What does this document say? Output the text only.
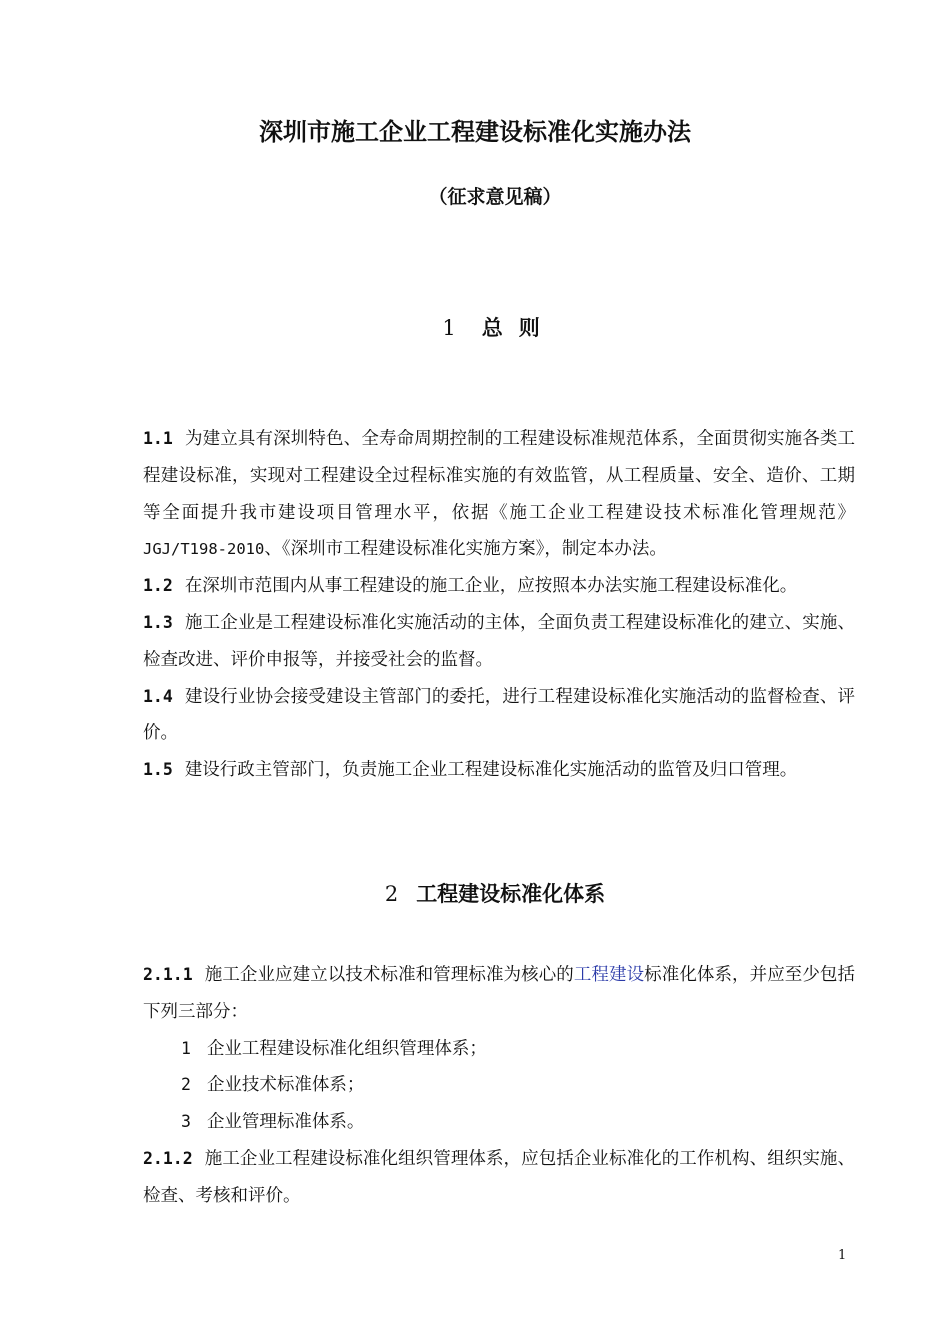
深圳市施工企业工程建设标准化实施办法
（征求意见稿）
1 总 则

1.1 为建立具有深圳特色、全寿命周期控制的工程建设标准规范体系，全面贯彻实施各类工程建设标准，实现对工程建设全过程标准实施的有效监管，从工程质量、安全、造价、工期等全面提升我市建设项目管理水平，依据《施工企业工程建设技术标准化管理规范》JGJ/T198-2010、《深圳市工程建设标准化实施方案》，制定本办法。

1.2 在深圳市范围内从事工程建设的施工企业，应按照本办法实施工程建设标准化。

1.3 施工企业是工程建设标准化实施活动的主体，全面负责工程建设标准化的建立、实施、检查改进、评价申报等，并接受社会的监督。

1.4 建设行业协会接受建设主管部门的委托，进行工程建设标准化实施活动的监督检查、评价。

1.5 建设行政主管部门，负责施工企业工程建设标准化实施活动的监管及归口管理。

2 工程建设标准化体系

2.1.1 施工企业应建立以技术标准和管理标准为核心的工程建设标准化体系，并应至少包括下列三部分：

1 企业工程建设标准化组织管理体系；

2 企业技术标准体系；

3 企业管理标准体系。

2.1.2 施工企业工程建设标准化组织管理体系，应包括企业标准化的工作机构、组织实施、检查、考核和评价。

1
